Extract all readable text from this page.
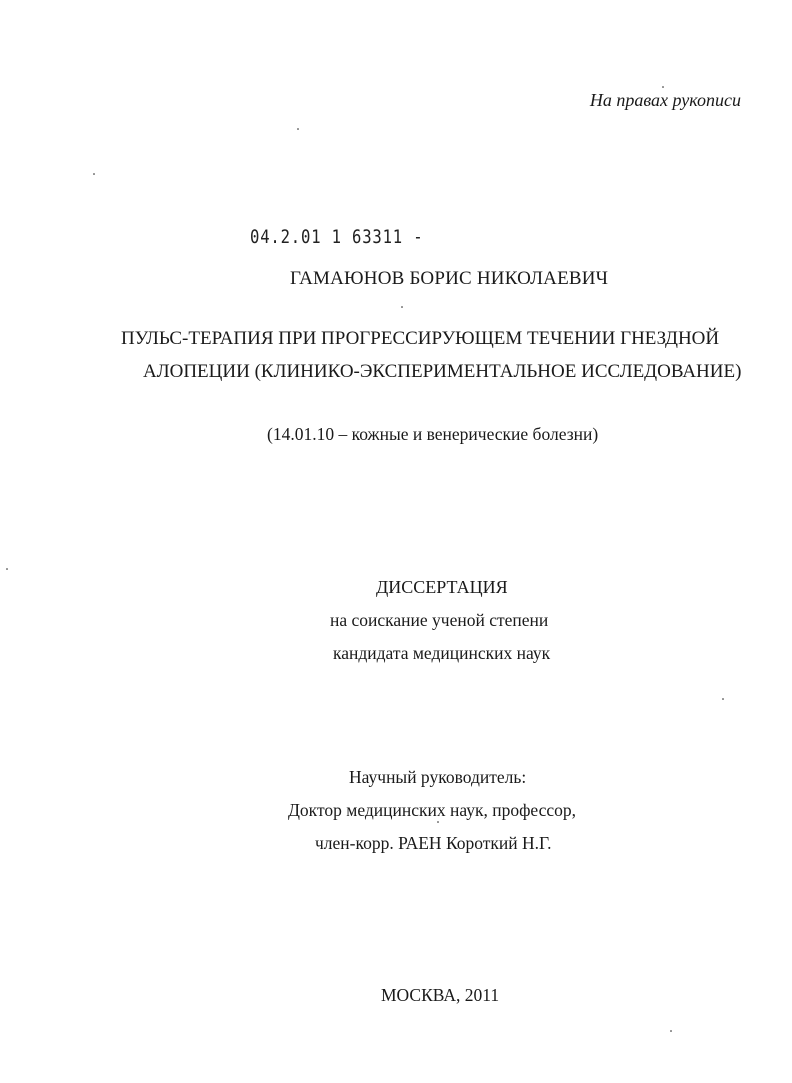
На правах рукописи
04.2.01 1 63311 -
ГАМАЮНОВ БОРИС НИКОЛАЕВИЧ
ПУЛЬС-ТЕРАПИЯ ПРИ ПРОГРЕССИРУЮЩЕМ ТЕЧЕНИИ ГНЕЗДНОЙ
АЛОПЕЦИИ (КЛИНИКО-ЭКСПЕРИМЕНТАЛЬНОЕ ИССЛЕДОВАНИЕ)
(14.01.10 – кожные и венерические болезни)
ДИССЕРТАЦИЯ
на соискание ученой степени
кандидата медицинских наук
Научный руководитель:
Доктор медицинских наук, профессор,
член-корр. РАЕН Короткий Н.Г.
МОСКВА, 2011
